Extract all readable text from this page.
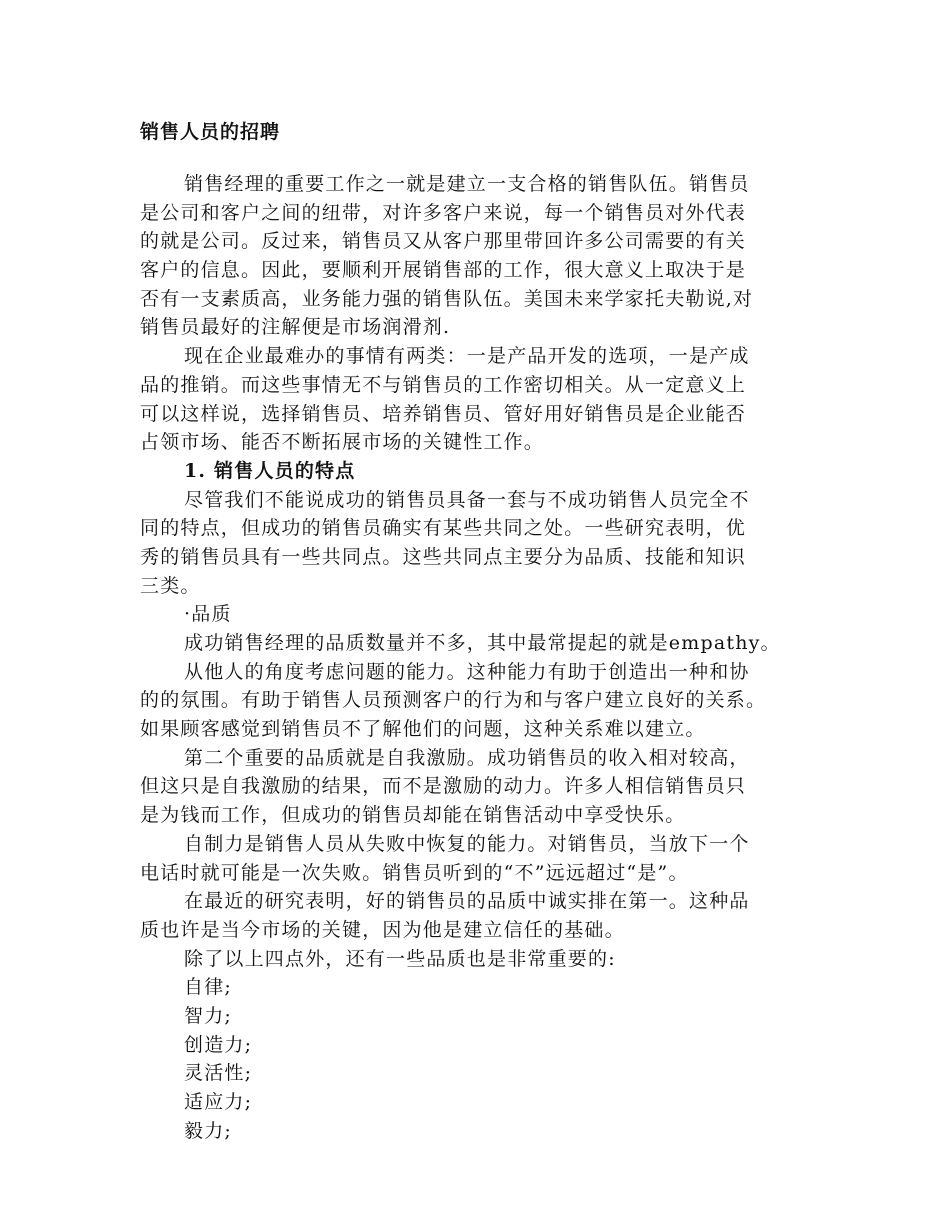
销售人员的招聘
销售经理的重要工作之一就是建立一支合格的销售队伍。销售员
是公司和客户之间的纽带，对许多客户来说，每一个销售员对外代表
的就是公司。反过来，销售员又从客户那里带回许多公司需要的有关
客户的信息。因此，要顺利开展销售部的工作，很大意义上取决于是
否有一支素质高，业务能力强的销售队伍。美国未来学家托夫勒说,对
销售员最好的注解便是市场润滑剂.
现在企业最难办的事情有两类：一是产品开发的选项，一是产成
品的推销。而这些事情无不与销售员的工作密切相关。从一定意义上
可以这样说，选择销售员、培养销售员、管好用好销售员是企业能否
占领市场、能否不断拓展市场的关键性工作。
1. 销售人员的特点
尽管我们不能说成功的销售员具备一套与不成功销售人员完全不
同的特点，但成功的销售员确实有某些共同之处。一些研究表明，优
秀的销售员具有一些共同点。这些共同点主要分为品质、技能和知识
三类。
·品质
成功销售经理的品质数量并不多，其中最常提起的就是empathy。
从他人的角度考虑问题的能力。这种能力有助于创造出一种和协
的的氛围。有助于销售人员预测客户的行为和与客户建立良好的关系。
如果顾客感觉到销售员不了解他们的问题，这种关系难以建立。
第二个重要的品质就是自我激励。成功销售员的收入相对较高，
但这只是自我激励的结果，而不是激励的动力。许多人相信销售员只
是为钱而工作，但成功的销售员却能在销售活动中享受快乐。
自制力是销售人员从失败中恢复的能力。对销售员，当放下一个
电话时就可能是一次失败。销售员听到的“不”远远超过“是”。
在最近的研究表明，好的销售员的品质中诚实排在第一。这种品
质也许是当今市场的关键，因为他是建立信任的基础。
除了以上四点外，还有一些品质也是非常重要的:
自律;
智力;
创造力;
灵活性;
适应力;
毅力;
